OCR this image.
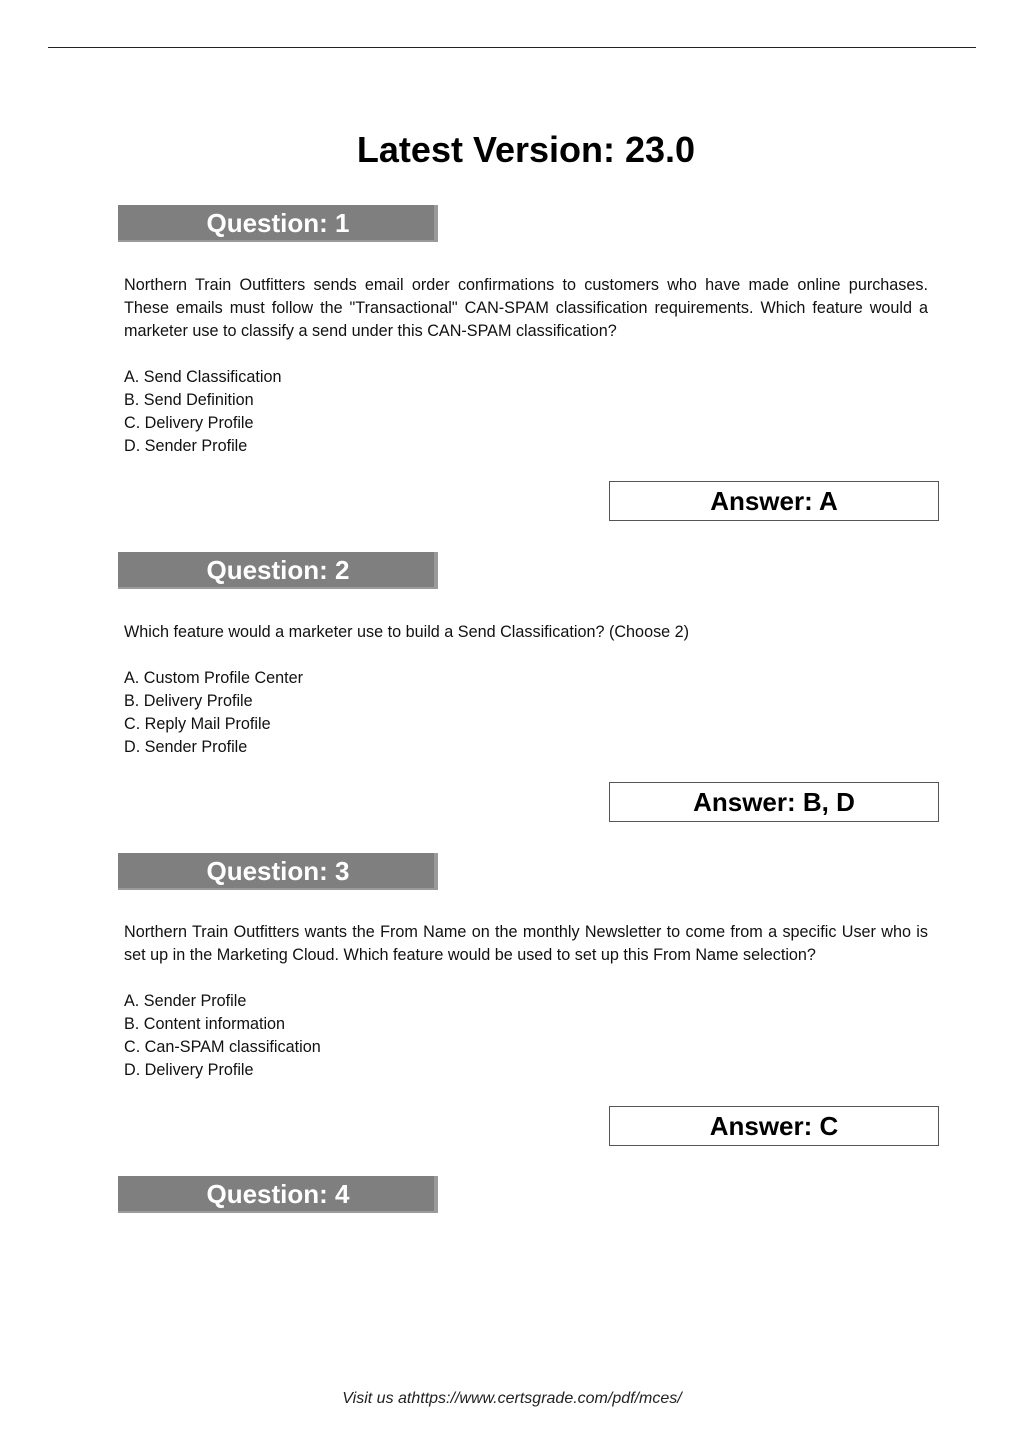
Latest Version: 23.0
Question: 1
Northern Train Outfitters sends email order confirmations to customers who have made online purchases. These emails must follow the "Transactional" CAN-SPAM classification requirements. Which feature would a marketer use to classify a send under this CAN-SPAM classification?
A. Send Classification
B. Send Definition
C. Delivery Profile
D. Sender Profile
Answer: A
Question: 2
Which feature would a marketer use to build a Send Classification? (Choose 2)
A. Custom Profile Center
B. Delivery Profile
C. Reply Mail Profile
D. Sender Profile
Answer: B, D
Question: 3
Northern Train Outfitters wants the From Name on the monthly Newsletter to come from a specific User who is set up in the Marketing Cloud. Which feature would be used to set up this From Name selection?
A. Sender Profile
B. Content information
C. Can-SPAM classification
D. Delivery Profile
Answer: C
Question: 4
Visit us athttps://www.certsgrade.com/pdf/mces/
